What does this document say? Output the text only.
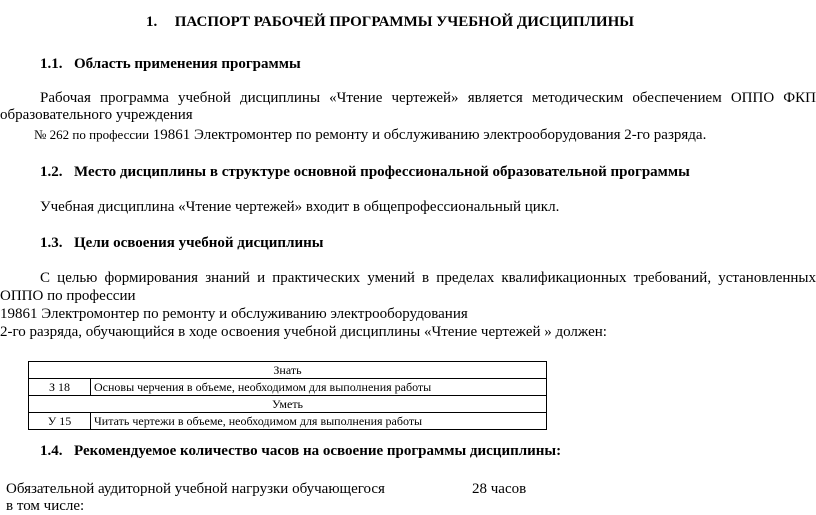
1. ПАСПОРТ РАБОЧЕЙ ПРОГРАММЫ УЧЕБНОЙ ДИСЦИПЛИНЫ
1.1. Область применения программы
Рабочая программа учебной дисциплины «Чтение чертежей» является методическим обеспечением ОППО ФКП
образовательного учреждения
№ 262 по профессии 19861 Электромонтер по ремонту и обслуживанию электрооборудования 2-го разряда.
1.2. Место дисциплины в структуре основной профессиональной образовательной программы
Учебная дисциплина «Чтение чертежей» входит в общепрофессиональный цикл.
1.3. Цели освоения учебной дисциплины
С целью формирования знаний и практических умений в пределах квалификационных требований, установленных
ОППО по профессии
19861 Электромонтер по ремонту и обслуживанию электрооборудования
2-го разряда, обучающийся в ходе освоения учебной дисциплины «Чтение чертежей » должен:
Знать	
З 18	Основы черчения в объеме, необходимом для выполнения работы
Уметь	
У 15	Читать чертежи в объеме, необходимом для выполнения работы
1.4. Рекомендуемое количество часов на освоение программы дисциплины:
Обязательной аудиторной учебной нагрузки обучающегося	28 часов
в том числе:
